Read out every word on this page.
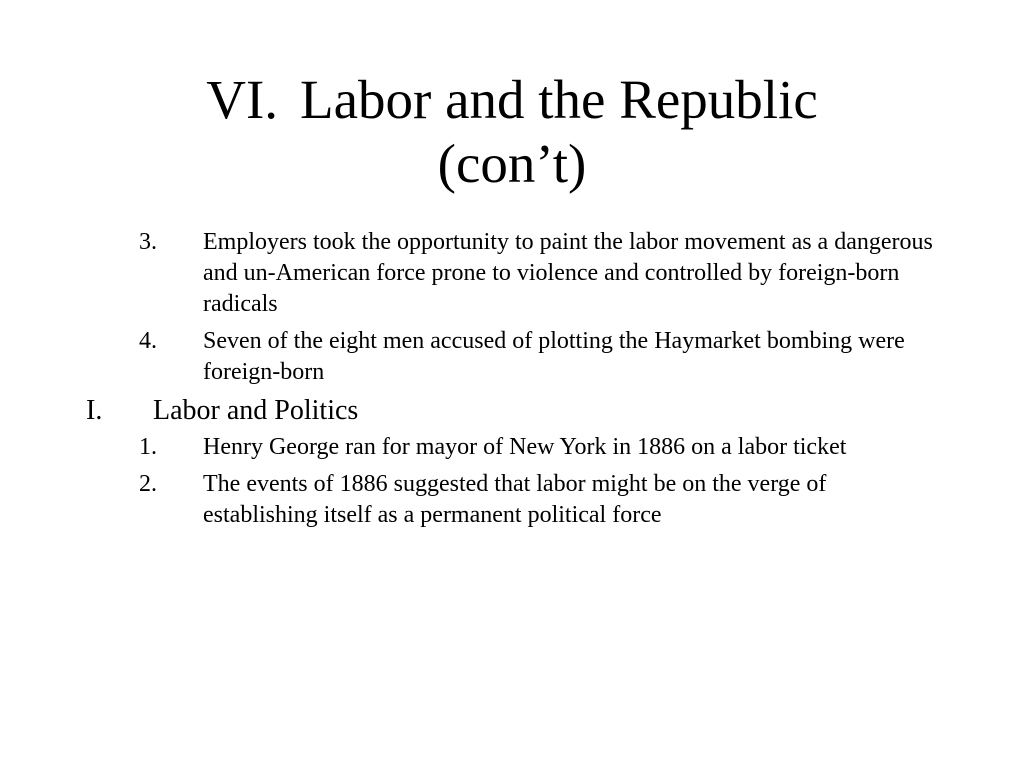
VI. Labor and the Republic
(con’t)
3. Employers took the opportunity to paint the labor movement as a dangerous and un-American force prone to violence and controlled by foreign-born radicals
4. Seven of the eight men accused of plotting the Haymarket bombing were foreign-born
I. Labor and Politics
1. Henry George ran for mayor of New York in 1886 on a labor ticket
2. The events of 1886 suggested that labor might be on the verge of establishing itself as a permanent political force
